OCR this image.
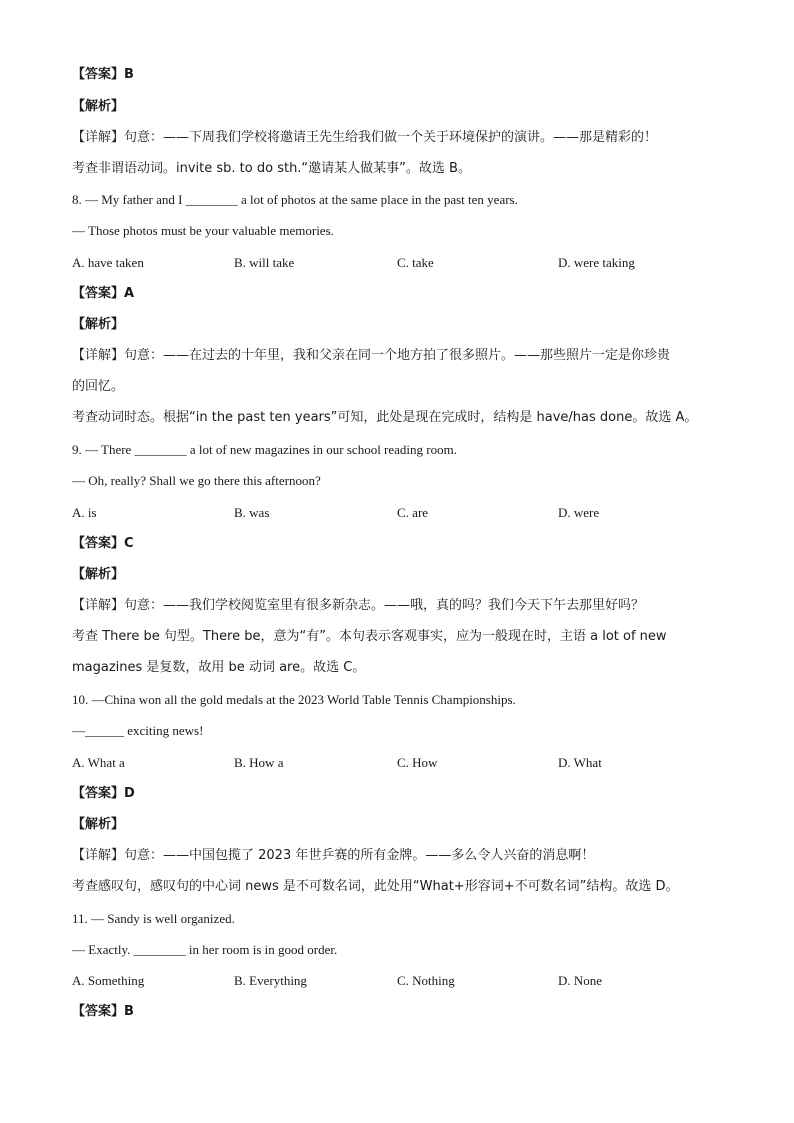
【答案】B
【解析】
【详解】句意：——下周我们学校将邀请王先生给我们做一个关于环境保护的演讲。——那是精彩的！
考查非谓语动词。invite sb. to do sth.“邀请某人做某事”。故选 B。
8. — My father and I ________ a lot of photos at the same place in the past ten years.
— Those photos must be your valuable memories.
A. have taken	B. will take	C. take	D. were taking
【答案】A
【解析】
【详解】句意：——在过去的十年里，我和父亲在同一个地方拍了很多照片。——那些照片一定是你珍贵
的回忆。
考查动词时态。根据“in the past ten years”可知，此处是现在完成时，结构是 have/has done。故选 A。
9. — There ________ a lot of new magazines in our school reading room.
— Oh, really? Shall we go there this afternoon?
A. is	B. was	C. are	D. were
【答案】C
【解析】
【详解】句意：——我们学校阅览室里有很多新杂志。——哦，真的吗？我们今天下午去那里好吗？
考查 There be 句型。There be，意为“有”。本句表示客观事实，应为一般现在时，主语 a lot of new
magazines 是复数，故用 be 动词 are。故选 C。
10. —China won all the gold medals at the 2023 World Table Tennis Championships.
—______ exciting news!
A. What a	B. How a	C. How	D. What
【答案】D
【解析】
【详解】句意：——中国包揽了 2023 年世乒赛的所有金牌。——多么令人兴奋的消息啊！
考查感叹句，感叹句的中心词 news 是不可数名词，此处用“What+形容词+不可数名词”结构。故选 D。
11. — Sandy is well organized.
— Exactly. ________ in her room is in good order.
A. Something	B. Everything	C. Nothing	D. None
【答案】B
